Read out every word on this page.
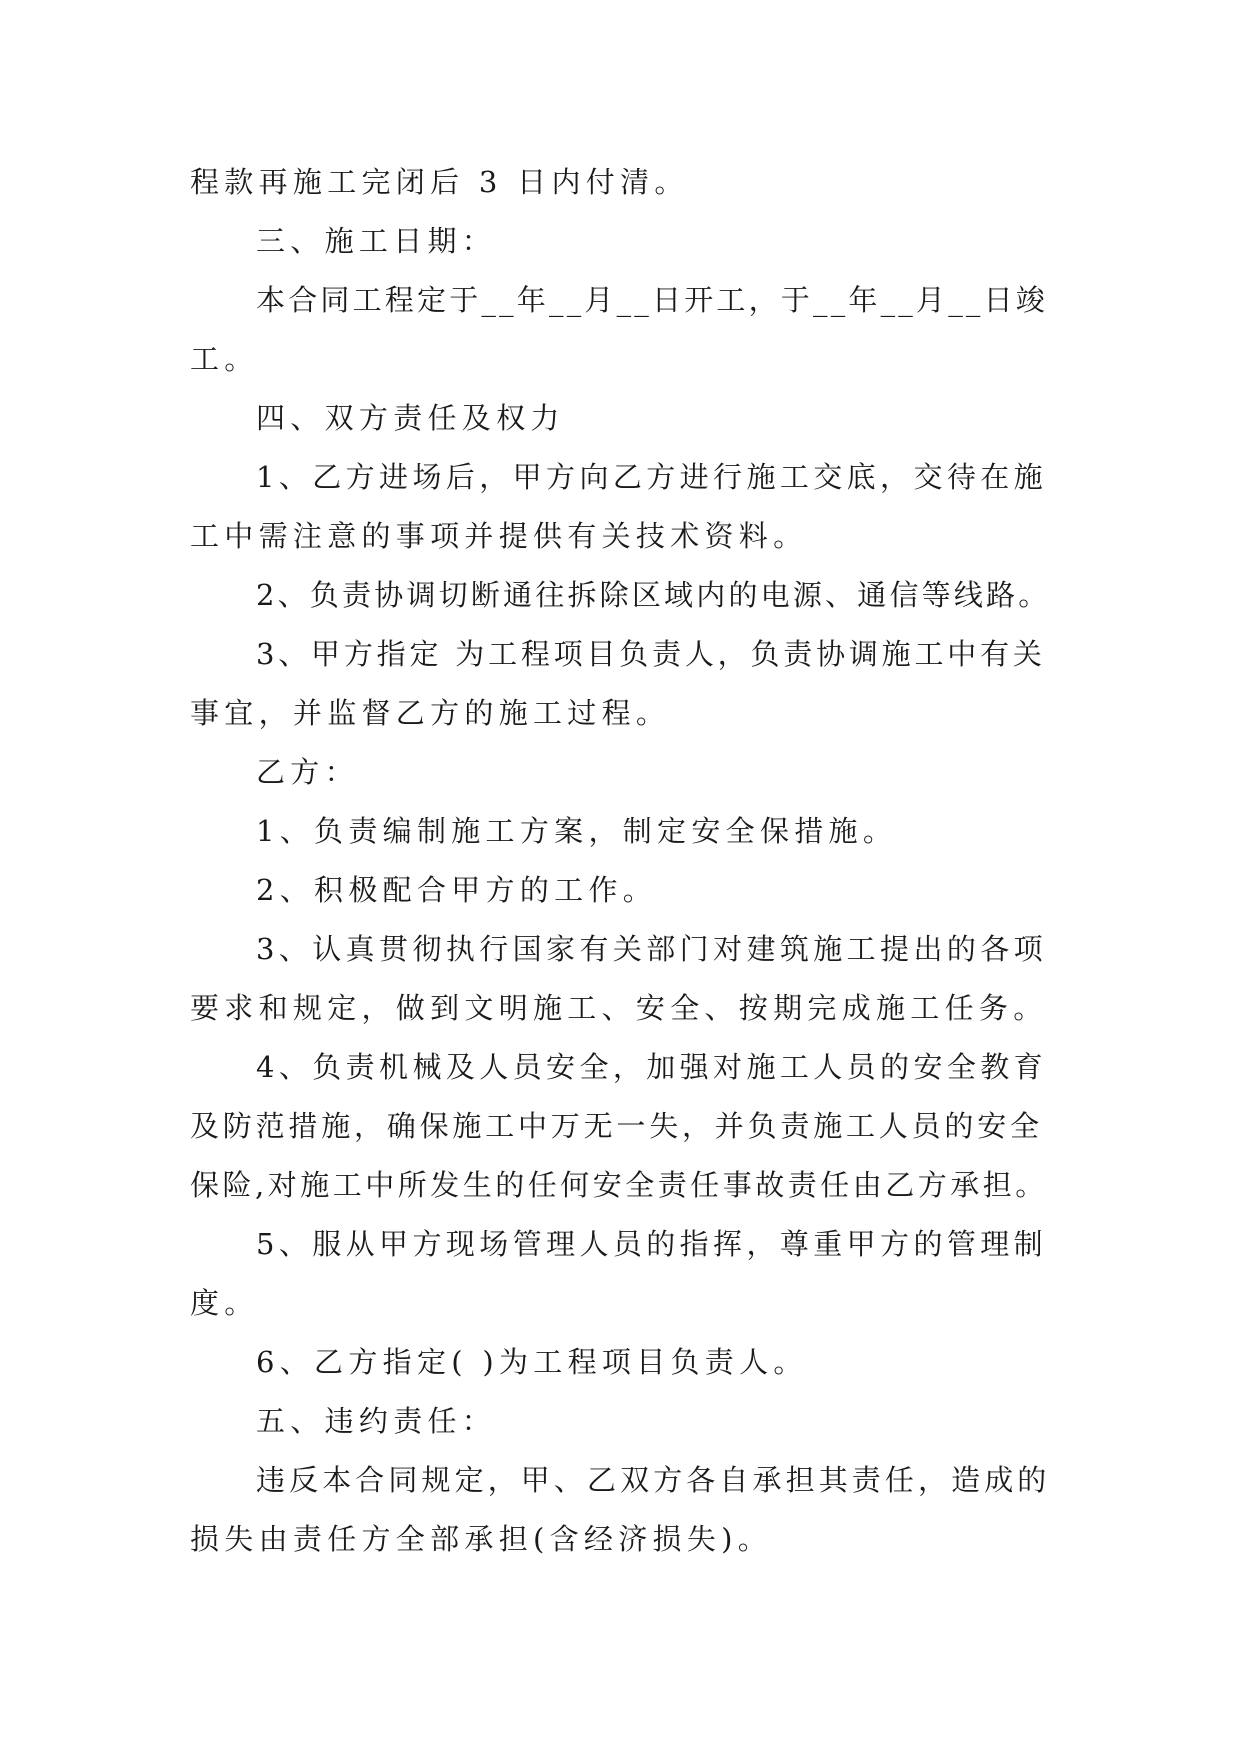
程款再施工完闭后 3 日内付清。
三、施工日期：
本合同工程定于__年__月__日开工，于__年__月__日竣
工。
四、双方责任及权力
1、乙方进场后，甲方向乙方进行施工交底，交待在施
工中需注意的事项并提供有关技术资料。
2、负责协调切断通往拆除区域内的电源、通信等线路。
3、甲方指定 为工程项目负责人，负责协调施工中有关
事宜，并监督乙方的施工过程。
乙方：
1、负责编制施工方案，制定安全保措施。
2、积极配合甲方的工作。
3、认真贯彻执行国家有关部门对建筑施工提出的各项
要求和规定，做到文明施工、安全、按期完成施工任务。
4、负责机械及人员安全，加强对施工人员的安全教育
及防范措施，确保施工中万无一失，并负责施工人员的安全
保险,对施工中所发生的任何安全责任事故责任由乙方承担。
5、服从甲方现场管理人员的指挥，尊重甲方的管理制
度。
6、乙方指定( )为工程项目负责人。
五、违约责任：
违反本合同规定，甲、乙双方各自承担其责任，造成的
损失由责任方全部承担(含经济损失)。
